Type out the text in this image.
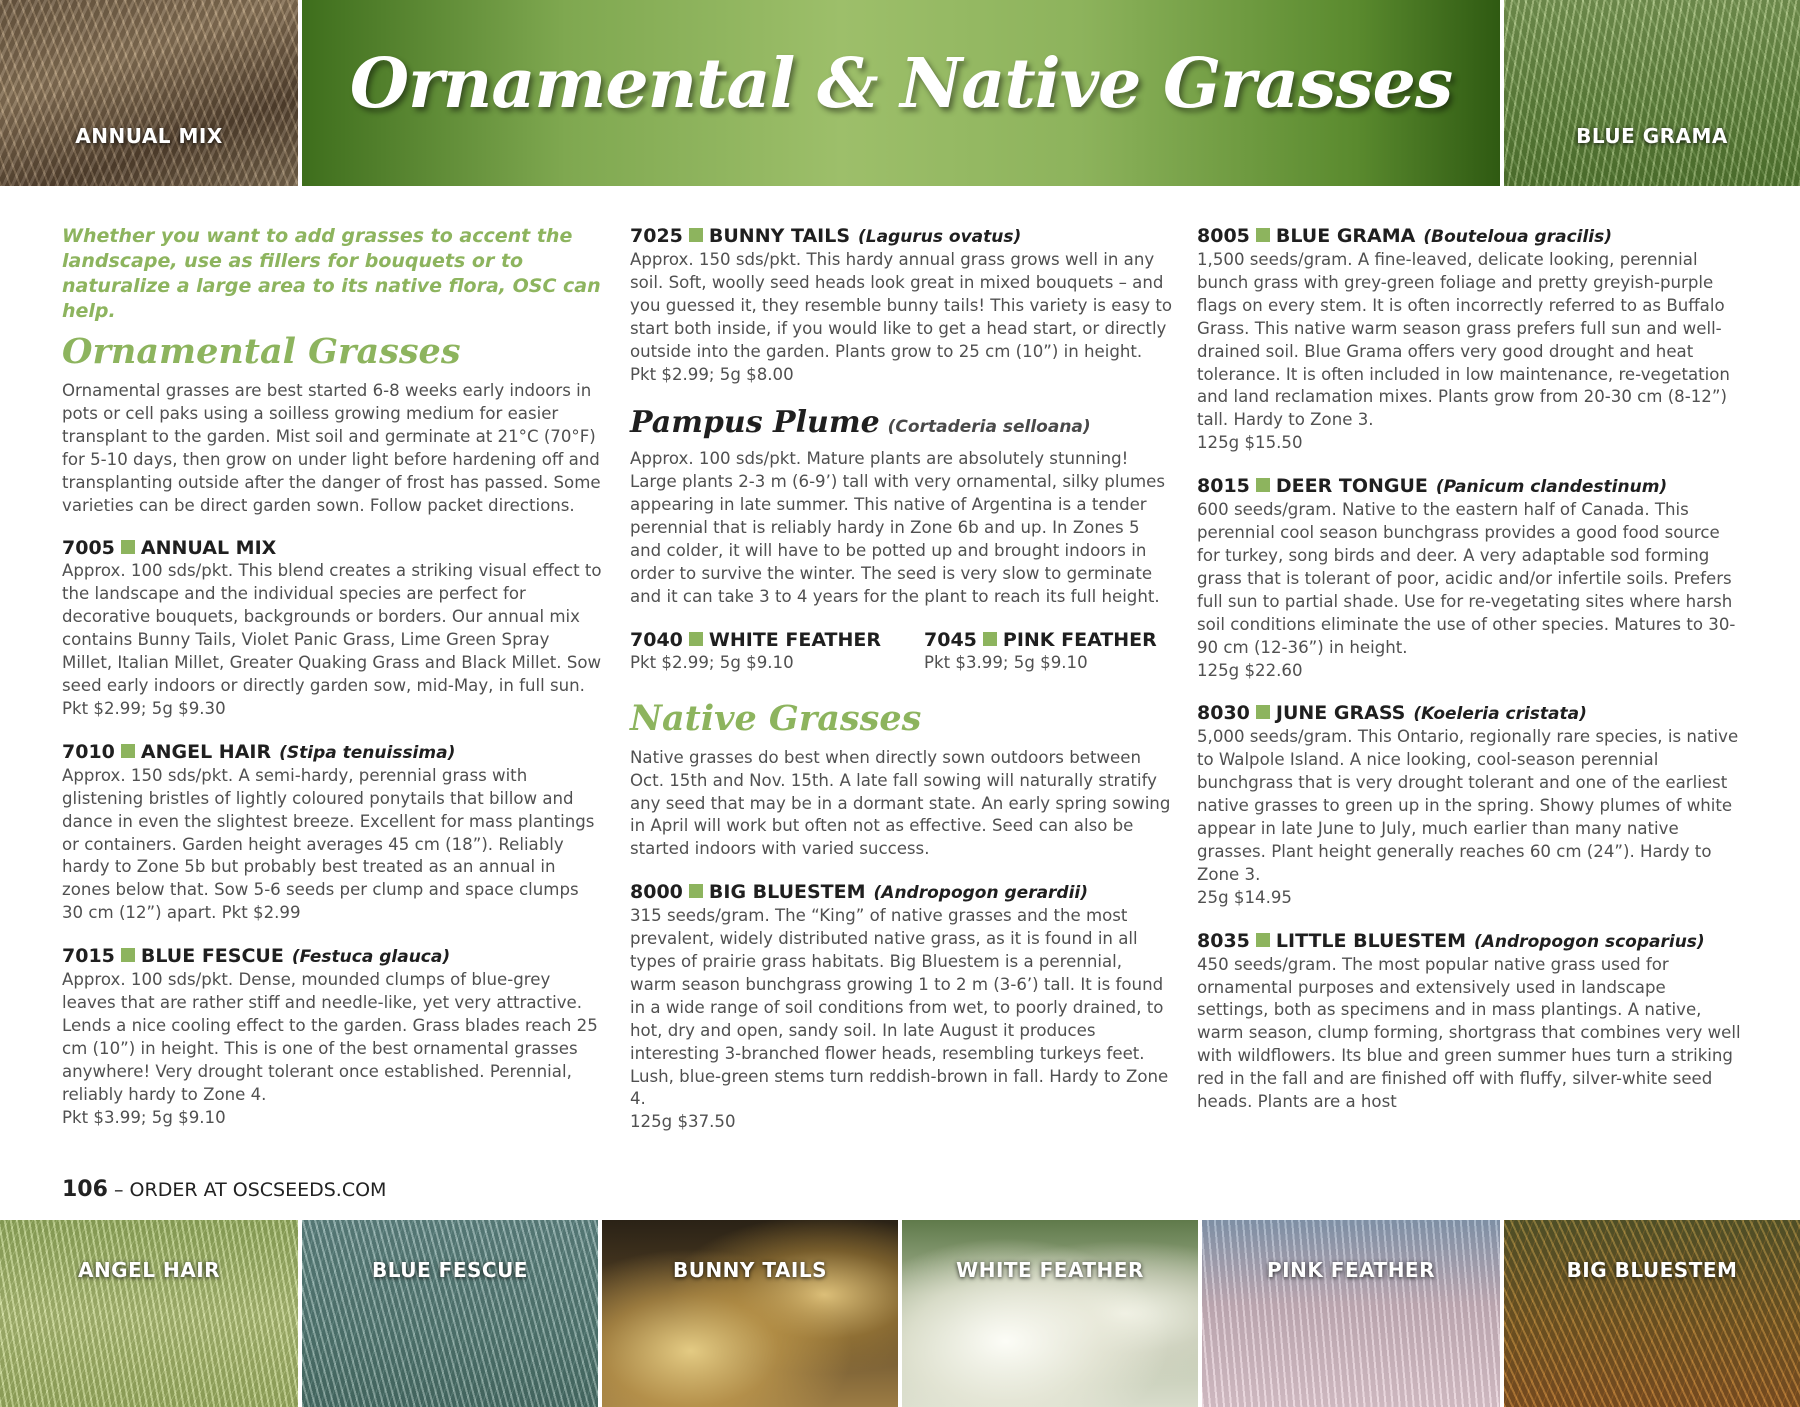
ANNUAL MIX
Ornamental & Native Grasses
BLUE GRAMA

Whether you want to add grasses to accent the landscape, use as fillers for bouquets or to naturalize a large area to its native flora, OSC can help.

Ornamental Grasses

Ornamental grasses are best started 6-8 weeks early indoors in pots or cell paks using a soilless growing medium for easier transplant to the garden. Mist soil and germinate at 21°C (70°F) for 5-10 days, then grow on under light before hardening off and transplanting outside after the danger of frost has passed. Some varieties can be direct garden sown. Follow packet directions.

7005 ANNUAL MIX

Approx. 100 sds/pkt. This blend creates a striking visual effect to the landscape and the individual species are perfect for decorative bouquets, backgrounds or borders. Our annual mix contains Bunny Tails, Violet Panic Grass, Lime Green Spray Millet, Italian Millet, Greater Quaking Grass and Black Millet. Sow seed early indoors or directly garden sow, mid-May, in full sun.

Pkt $2.99; 5g $9.30

7010 ANGEL HAIR (Stipa tenuissima)

Approx. 150 sds/pkt. A semi-hardy, perennial grass with glistening bristles of lightly coloured ponytails that billow and dance in even the slightest breeze. Excellent for mass plantings or containers. Garden height averages 45 cm (18”). Reliably hardy to Zone 5b but probably best treated as an annual in zones below that. Sow 5-6 seeds per clump and space clumps 30 cm (12”) apart. Pkt $2.99

7015 BLUE FESCUE (Festuca glauca)

Approx. 100 sds/pkt. Dense, mounded clumps of blue-grey leaves that are rather stiff and needle-like, yet very attractive. Lends a nice cooling effect to the garden. Grass blades reach 25 cm (10”) in height. This is one of the best ornamental grasses anywhere! Very drought tolerant once established. Perennial, reliably hardy to Zone 4.

Pkt $3.99; 5g $9.10

106 – ORDER AT OSCSEEDS.COM
7025 BUNNY TAILS (Lagurus ovatus)

Approx. 150 sds/pkt. This hardy annual grass grows well in any soil. Soft, woolly seed heads look great in mixed bouquets – and you guessed it, they resemble bunny tails! This variety is easy to start both inside, if you would like to get a head start, or directly outside into the garden. Plants grow to 25 cm (10”) in height.

Pkt $2.99; 5g $8.00

Pampus Plume (Cortaderia selloana)

Approx. 100 sds/pkt. Mature plants are absolutely stunning! Large plants 2-3 m (6-9’) tall with very ornamental, silky plumes appearing in late summer. This native of Argentina is a tender perennial that is reliably hardy in Zone 6b and up. In Zones 5 and colder, it will have to be potted up and brought indoors in order to survive the winter. The seed is very slow to germinate and it can take 3 to 4 years for the plant to reach its full height.

7040 WHITE FEATHER

Pkt $2.99; 5g $9.10

7045 PINK FEATHER

Pkt $3.99; 5g $9.10

Native Grasses

Native grasses do best when directly sown outdoors between Oct. 15th and Nov. 15th. A late fall sowing will naturally stratify any seed that may be in a dormant state. An early spring sowing in April will work but often not as effective. Seed can also be started indoors with varied success.

8000 BIG BLUESTEM (Andropogon gerardii)

315 seeds/gram. The “King” of native grasses and the most prevalent, widely distributed native grass, as it is found in all types of prairie grass habitats. Big Bluestem is a perennial, warm season bunchgrass growing 1 to 2 m (3-6’) tall. It is found in a wide range of soil conditions from wet, to poorly drained, to hot, dry and open, sandy soil. In late August it produces interesting 3-branched flower heads, resembling turkeys feet. Lush, blue-green stems turn reddish-brown in fall. Hardy to Zone 4.

125g $37.50

8005 BLUE GRAMA (Bouteloua gracilis)

1,500 seeds/gram. A fine-leaved, delicate looking, perennial bunch grass with grey-green foliage and pretty greyish-purple flags on every stem. It is often incorrectly referred to as Buffalo Grass. This native warm season grass prefers full sun and well-drained soil. Blue Grama offers very good drought and heat tolerance. It is often included in low maintenance, re-vegetation and land reclamation mixes. Plants grow from 20-30 cm (8-12”) tall. Hardy to Zone 3.

125g $15.50

8015 DEER TONGUE (Panicum clandestinum)

600 seeds/gram. Native to the eastern half of Canada. This perennial cool season bunchgrass provides a good food source for turkey, song birds and deer. A very adaptable sod forming grass that is tolerant of poor, acidic and/or infertile soils. Prefers full sun to partial shade. Use for re-vegetating sites where harsh soil conditions eliminate the use of other species. Matures to 30-90 cm (12-36”) in height.

125g $22.60

8030 JUNE GRASS (Koeleria cristata)

5,000 seeds/gram. This Ontario, regionally rare species, is native to Walpole Island. A nice looking, cool-season perennial bunchgrass that is very drought tolerant and one of the earliest native grasses to green up in the spring. Showy plumes of white appear in late June to July, much earlier than many native grasses. Plant height generally reaches 60 cm (24”). Hardy to Zone 3.

25g $14.95

8035 LITTLE BLUESTEM (Andropogon scoparius)

450 seeds/gram. The most popular native grass used for ornamental purposes and extensively used in landscape settings, both as specimens and in mass plantings. A native, warm season, clump forming, shortgrass that combines very well with wildflowers. Its blue and green summer hues turn a striking red in the fall and are finished off with fluffy, silver-white seed heads. Plants are a host

ANGEL HAIR	BLUE FESCUE	BUNNY TAILS	WHITE FEATHER	PINK FEATHER	BIG BLUESTEM
